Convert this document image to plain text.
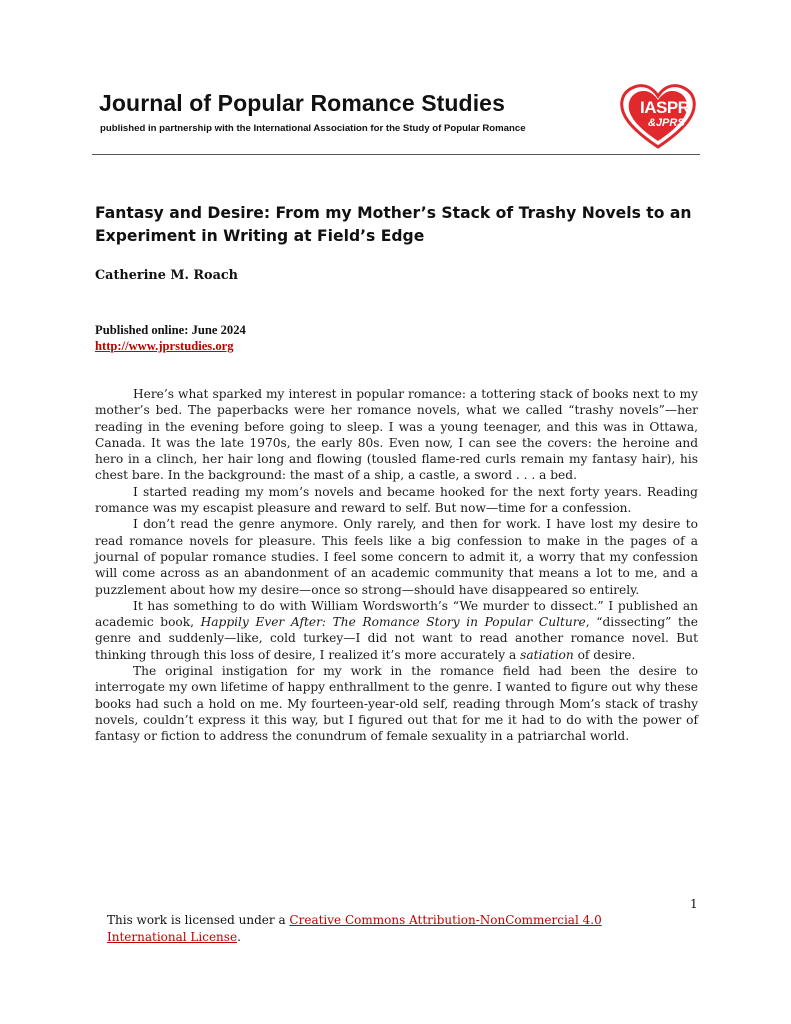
Journal of Popular Romance Studies
published in partnership with the International Association for the Study of Popular Romance
IASPR
&JPRS
Fantasy and Desire: From my Mother’s Stack of Trashy Novels to an Experiment in Writing at Field’s Edge
Catherine M. Roach
Published online: June 2024
http://www.jprstudies.org

Here’s what sparked my interest in popular romance: a tottering stack of books next to my mother’s bed. The paperbacks were her romance novels, what we called “trashy novels”—her reading in the evening before going to sleep. I was a young teenager, and this was in Ottawa, Canada. It was the late 1970s, the early 80s. Even now, I can see the covers: the heroine and hero in a clinch, her hair long and flowing (tousled flame-red curls remain my fantasy hair), his chest bare. In the background: the mast of a ship, a castle, a sword . . . a bed.

I started reading my mom’s novels and became hooked for the next forty years. Reading romance was my escapist pleasure and reward to self. But now—time for a confession.

I don’t read the genre anymore. Only rarely, and then for work. I have lost my desire to read romance novels for pleasure. This feels like a big confession to make in the pages of a journal of popular romance studies. I feel some concern to admit it, a worry that my confession will come across as an abandonment of an academic community that means a lot to me, and a puzzlement about how my desire—once so strong—should have disappeared so entirely.

It has something to do with William Wordsworth’s “We murder to dissect.” I published an academic book, Happily Ever After: The Romance Story in Popular Culture, “dissecting” the genre and suddenly—like, cold turkey—I did not want to read another romance novel. But thinking through this loss of desire, I realized it’s more accurately a satiation of desire.

The original instigation for my work in the romance field had been the desire to interrogate my own lifetime of happy enthrallment to the genre. I wanted to figure out why these books had such a hold on me. My fourteen-year-old self, reading through Mom’s stack of trashy novels, couldn’t express it this way, but I figured out that for me it had to do with the power of fantasy or fiction to address the conundrum of female sexuality in a patriarchal world.

1
This work is licensed under a Creative Commons Attribution-NonCommercial 4.0 International License.
